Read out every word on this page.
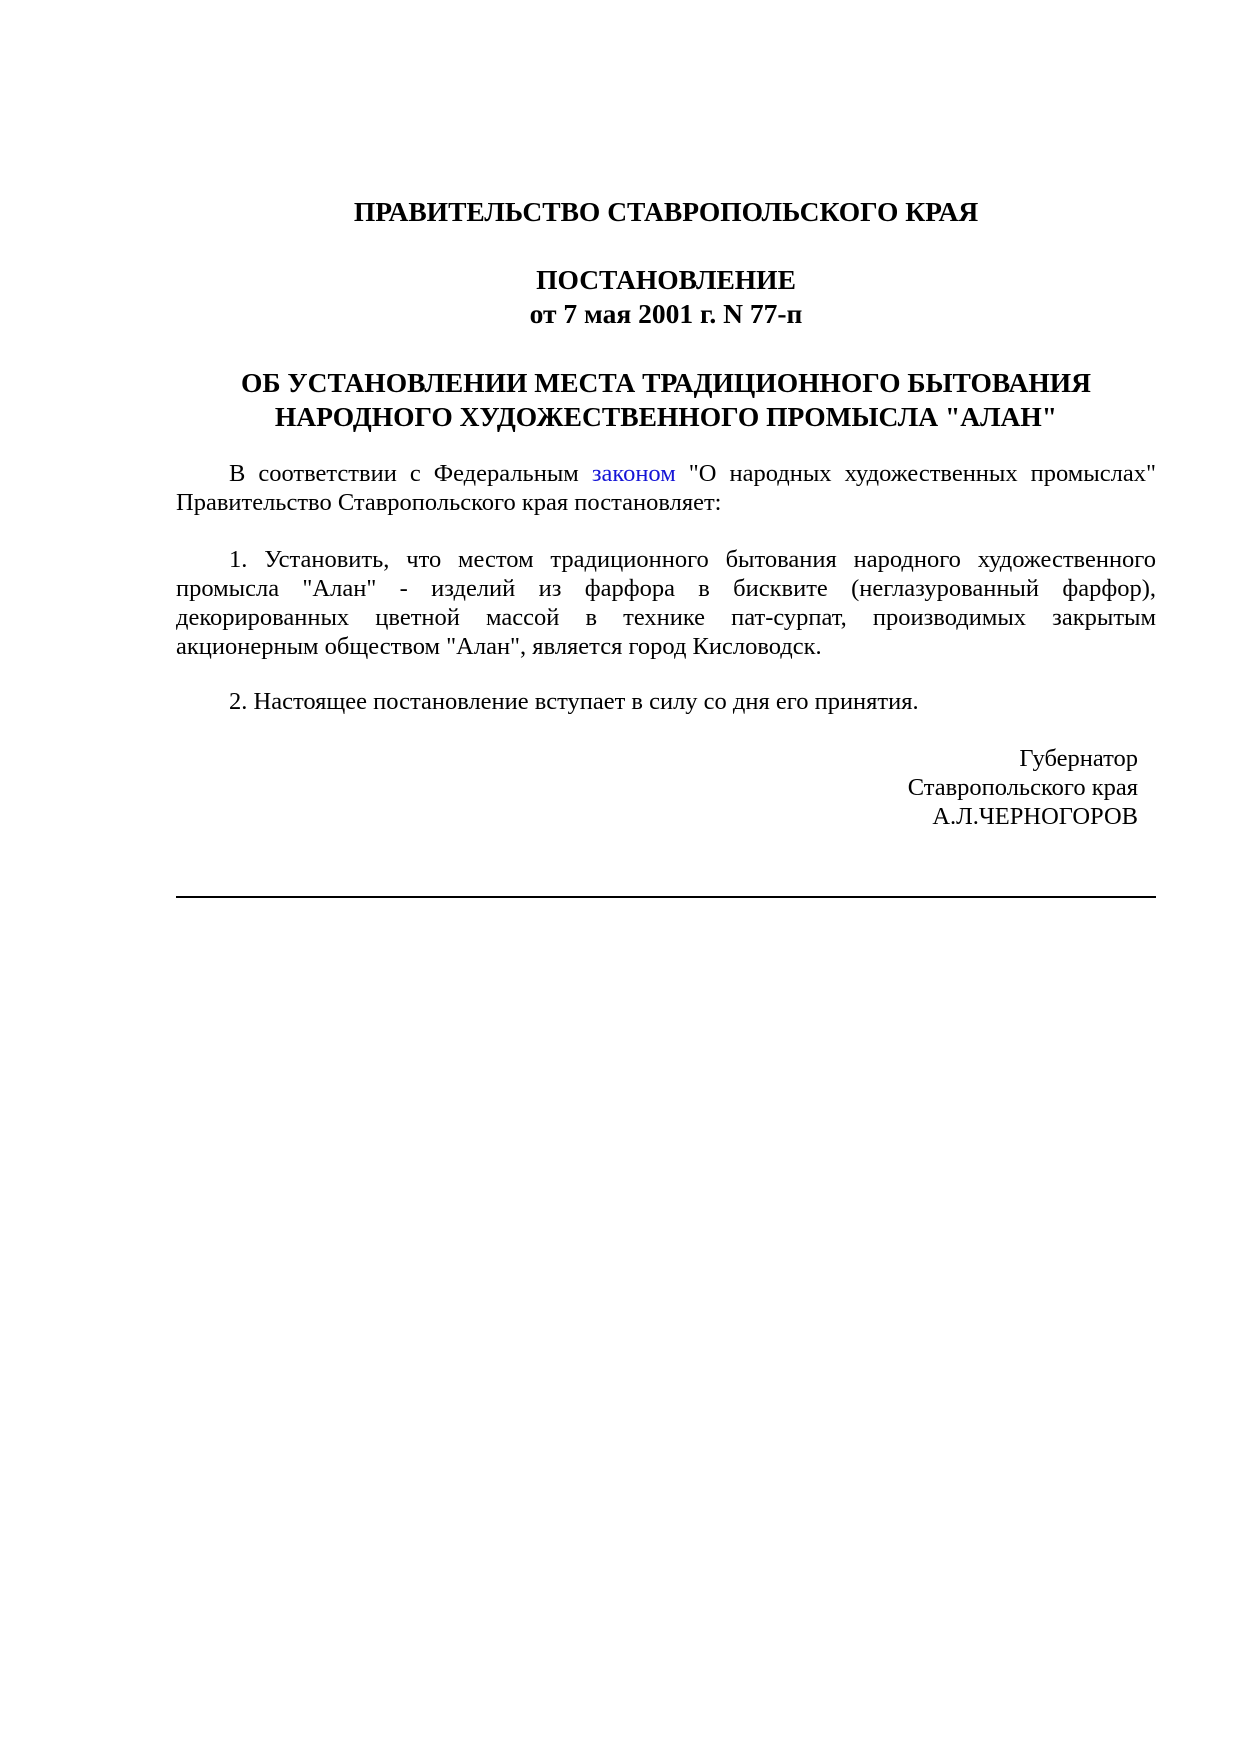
ПРАВИТЕЛЬСТВО СТАВРОПОЛЬСКОГО КРАЯ
ПОСТАНОВЛЕНИЕ
от 7 мая 2001 г. N 77-п
ОБ УСТАНОВЛЕНИИ МЕСТА ТРАДИЦИОННОГО БЫТОВАНИЯ
НАРОДНОГО ХУДОЖЕСТВЕННОГО ПРОМЫСЛА "АЛАН"

В соответствии с Федеральным законом "О народных художественных промыслах" Правительство Ставропольского края постановляет:

1. Установить, что местом традиционного бытования народного художественного промысла "Алан" - изделий из фарфора в бисквите (неглазурованный фарфор), декорированных цветной массой в технике пат-сурпат, производимых закрытым акционерным обществом "Алан", является город Кисловодск.

2. Настоящее постановление вступает в силу со дня его принятия.

Губернатор
Ставропольского края
А.Л.ЧЕРНОГОРОВ
